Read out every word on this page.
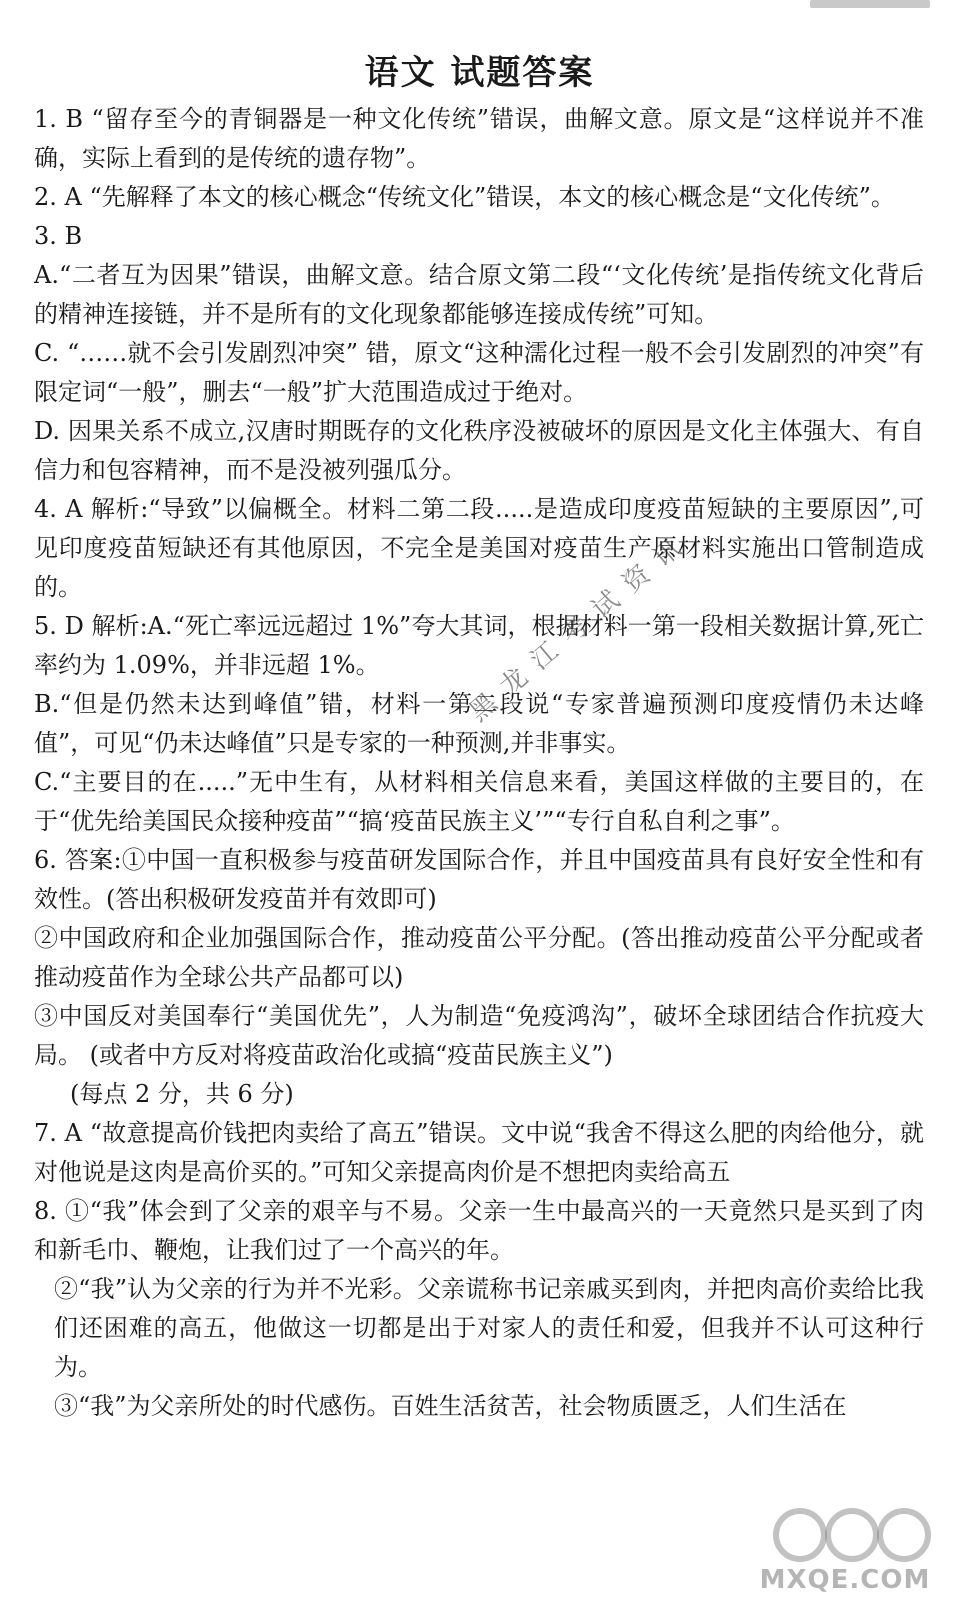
语文 试题答案

1. B “留存至今的青铜器是一种文化传统”错误，曲解文意。原文是“这样说并不准确，实际上看到的是传统的遗存物”。

2. A “先解释了本文的核心概念“传统文化”错误，本文的核心概念是“文化传统”。

3. B

A.“二者互为因果”错误，曲解文意。结合原文第二段“‘文化传统’是指传统文化背后的精神连接链，并不是所有的文化现象都能够连接成传统”可知。

C. “……就不会引发剧烈冲突” 错，原文“这种濡化过程一般不会引发剧烈的冲突”有限定词“一般”，删去“一般”扩大范围造成过于绝对。

D. 因果关系不成立,汉唐时期既存的文化秩序没被破坏的原因是文化主体强大、有自信力和包容精神，而不是没被列强瓜分。

4. A 解析:“导致”以偏概全。材料二第二段.....是造成印度疫苗短缺的主要原因”,可见印度疫苗短缺还有其他原因，不完全是美国对疫苗生产原材料实施出口管制造成的。

5. D 解析:A.“死亡率远远超过 1%”夸大其词，根据材料一第一段相关数据计算,死亡率约为 1.09%，并非远超 1%。

B.“但是仍然未达到峰值”错，材料一第二段说“专家普遍预测印度疫情仍未达峰值”，可见“仍未达峰值”只是专家的一种预测,并非事实。

C.“主要目的在.....”无中生有，从材料相关信息来看，美国这样做的主要目的，在于“优先给美国民众接种疫苗”“搞‘疫苗民族主义’”“专行自私自利之事”。

6. 答案:①中国一直积极参与疫苗研发国际合作，并且中国疫苗具有良好安全性和有效性。(答出积极研发疫苗并有效即可)

②中国政府和企业加强国际合作，推动疫苗公平分配。(答出推动疫苗公平分配或者推动疫苗作为全球公共产品都可以)

③中国反对美国奉行“美国优先”，人为制造“免疫鸿沟”，破坏全球团结合作抗疫大局。 (或者中方反对将疫苗政治化或搞“疫苗民族主义”)

(每点 2 分，共 6 分)

7. A “故意提高价钱把肉卖给了高五”错误。文中说“我舍不得这么肥的肉给他分，就对他说是这肉是高价买的。”可知父亲提高肉价是不想把肉卖给高五

8. ①“我”体会到了父亲的艰辛与不易。父亲一生中最高兴的一天竟然只是买到了肉和新毛巾、鞭炮，让我们过了一个高兴的年。

②“我”认为父亲的行为并不光彩。父亲谎称书记亲戚买到肉，并把肉高价卖给比我们还困难的高五，他做这一切都是出于对家人的责任和爱，但我并不认可这种行为。

③“我”为父亲所处的时代感伤。百姓生活贫苦，社会物质匮乏，人们生活在

黑龙江考试资讯
MXQE.COM
